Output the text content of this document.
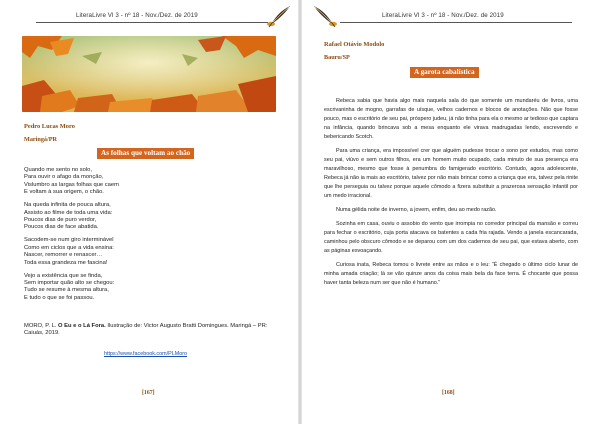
LiteraLivre Vl 3 - nº 18 - Nov./Dez. de 2019
Pedro Lucas Moro
Maringá/PR
As folhas que voltam ao chão

Quando me sento no solo,

Para ouvir o afago da monção,

Vislumbro as largas folhas que caem

E voltam à sua origem, o chão.

Na queda infinita de pouca altura,

Assisto ao filme de toda uma vida:

Poucos dias de puro verdor,

Poucos dias de face abatida.

Sacodem-se num giro interminável

Como em ciclos que a vida ensina:

Nascer, remorrer e renascer…

Toda essa grandeza me fascina!

Vejo a existência que se finda,

Sem importar quão alto se chegou:

Tudo se resume à mesma altura,

E tudo o que se foi passou.

MORO, P. L. O Eu e o Lá Fora. Ilustração de: Victor Augusto Bratti Domingues. Maringá – PR: Caiuás, 2019.
https://www.facebook.com/PLMoro
[167]
LiteraLivre Vl 3 - nº 18 - Nov./Dez. de 2019
Rafael Otávio Modolo
Bauru/SP
A garota cabalística

Rebeca sabia que havia algo mais naquela sala do que somente um mundaréu de livros, uma escrivaninha de mogno, garrafas de uísque, velhos cadernos e blocos de anotações. Não que fosse pouco, mas o escritório de seu pai, próspero judeu, já não tinha para ela o mesmo ar tedioso que captara na infância, quando brincava sob a mesa enquanto ele virava madrugadas lendo, escrevendo e bebericando Scotch.

Para uma criança, era impossível crer que alguém pudesse trocar o sono por estudos, mas como seu pai, viúvo e sem outros filhos, era um homem muito ocupado, cada minuto de sua presença era maravilhoso, mesmo que fosse à penumbra do famigerado escritório. Contudo, agora adolescente, Rebeca já não ia mais ao escritório, talvez por não mais brincar como a criança que era, talvez pela rinite que lhe perseguia ou talvez porque aquele cômodo a fizera substituir a prazerosa sensação infantil por um medo irracional.

Numa gélida noite de inverno, a jovem, enfim, deu ao medo razão.

Sozinha em casa, ouviu o assobio do vento que irrompia no corredor principal da mansão e correu para fechar o escritório, cuja porta atacava os batentes a cada fria rajada. Vendo a janela escancarada, caminhou pelo obscuro cômodo e se deparou com um dos cadernos de seu pai, que estava aberto, com as páginas esvoaçando.

Curiosa inata, Rebeca tomou o livrete entre as mãos e o leu: “É chegado o último ciclo lunar de minha amada criação; lá se vão quinze anos da coisa mais bela da face terra. É chocante que possa haver tanta beleza num ser que não é humano.”

[168]
